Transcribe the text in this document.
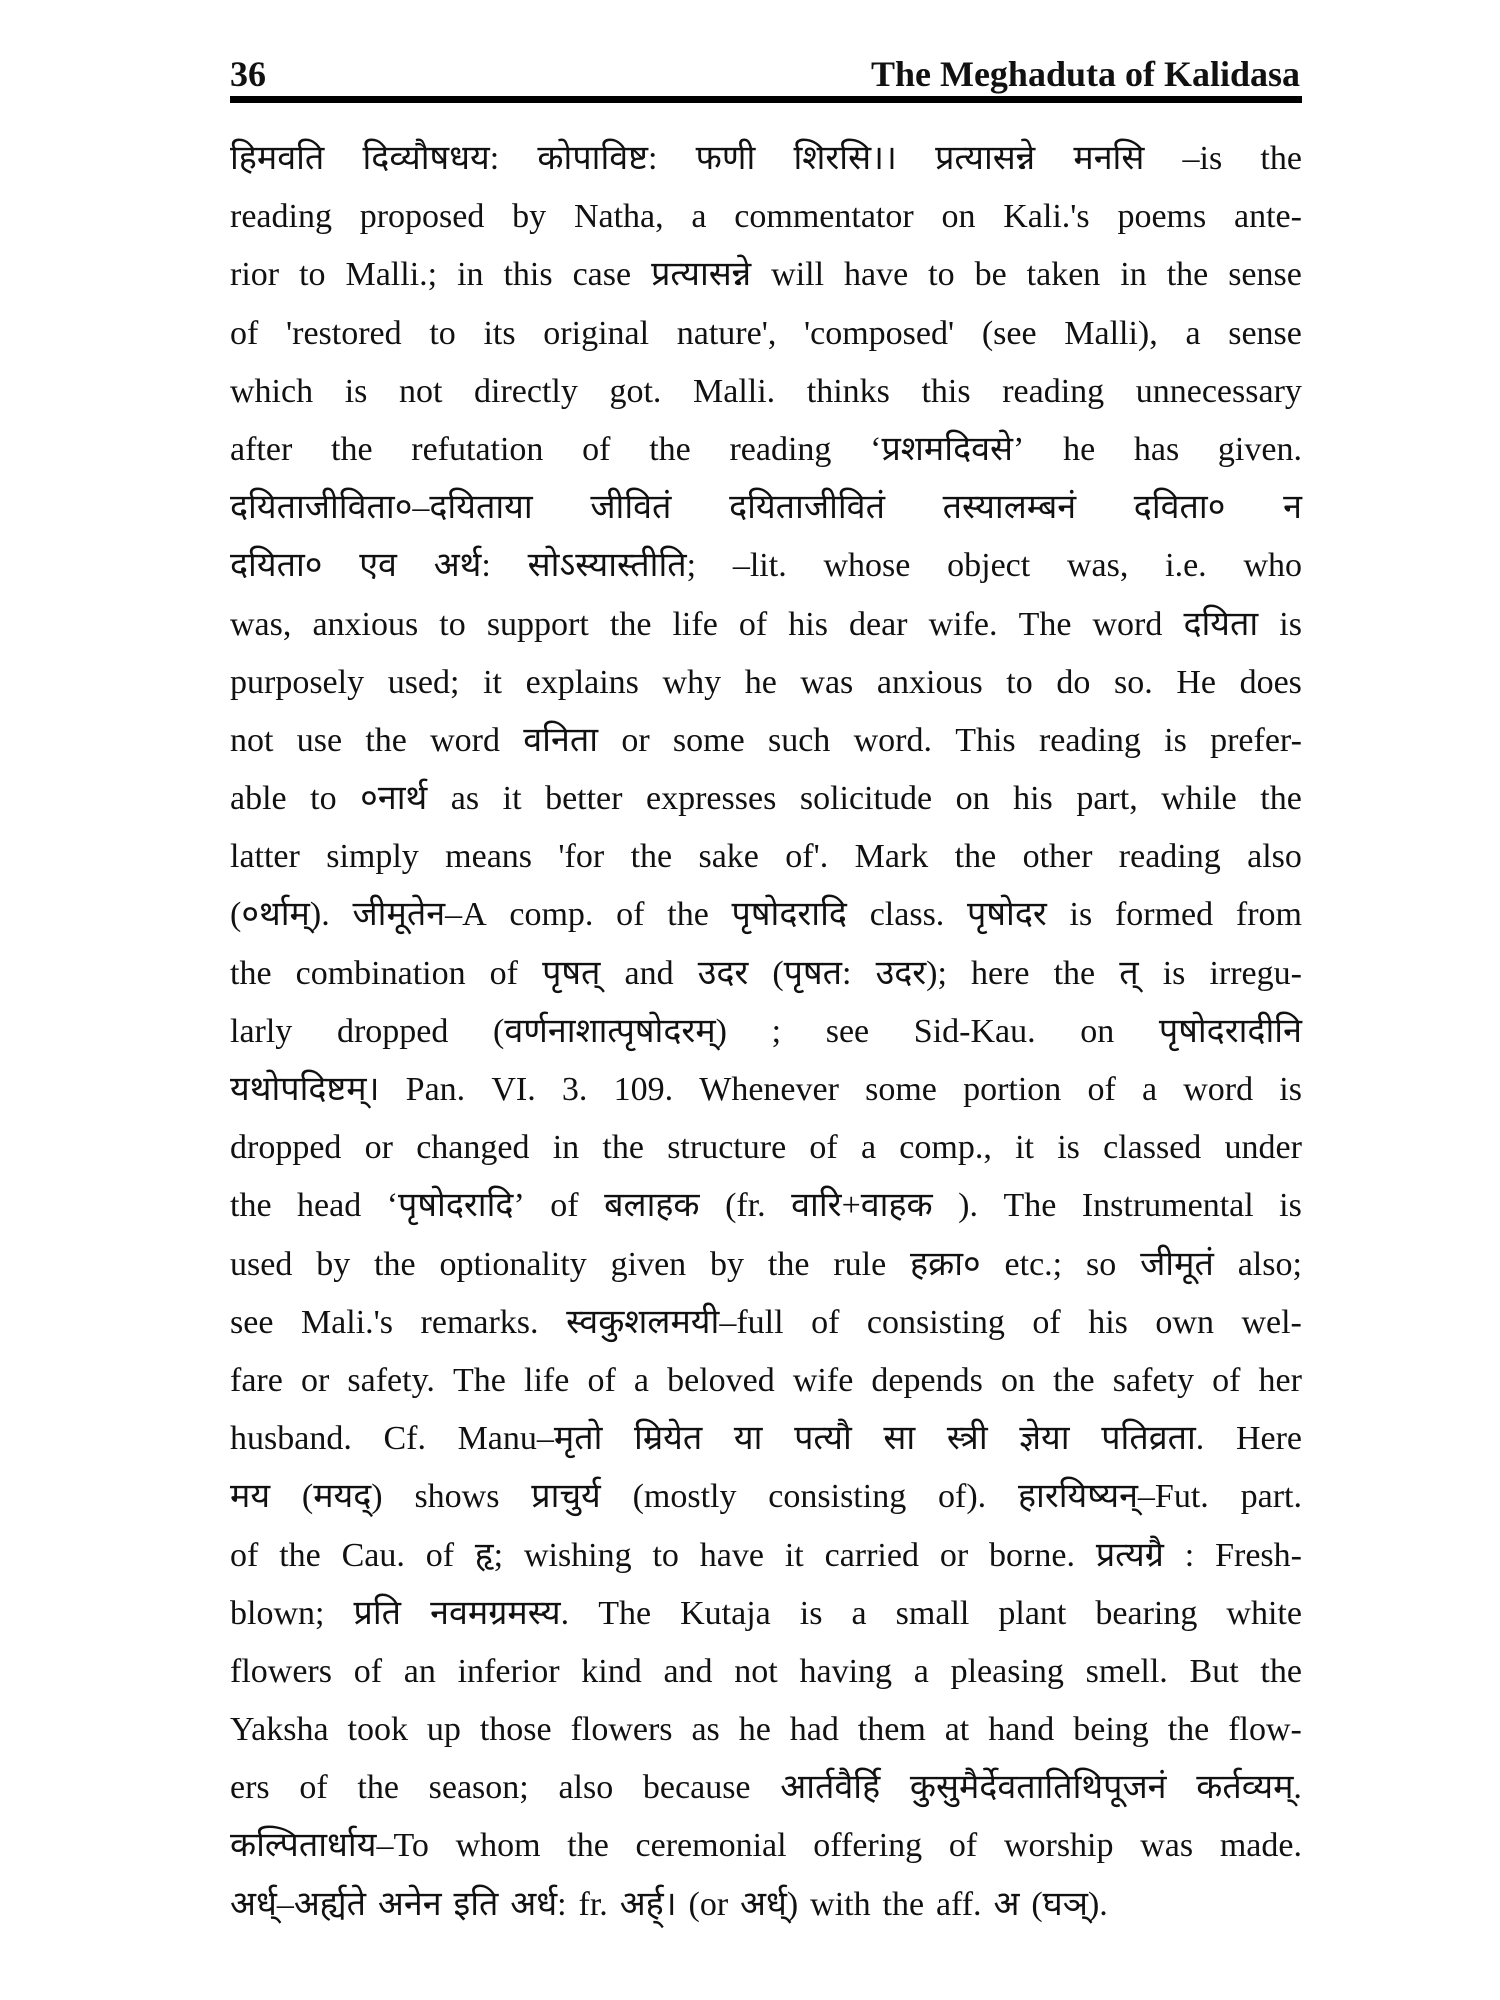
36	The Meghaduta of Kalidasa
हिमवति दिव्यौषधय: कोपाविष्ट: फणी शिरसि।। प्रत्यासन्ने मनसि –is the
reading proposed by Natha, a commentator on Kali.'s poems ante-
rior to Malli.; in this case प्रत्यासन्ने will have to be taken in the sense
of 'restored to its original nature', 'composed' (see Malli), a sense
which is not directly got. Malli. thinks this reading unnecessary
after the refutation of the reading ‘प्रशमदिवसे’ he has given.
दयिताजीविता०–दयिताया जीवितं दयिताजीवितं तस्यालम्बनं दविता० न
दयिता० एव अर्थ: सोऽस्यास्तीति; –lit. whose object was, i.e. who
was, anxious to support the life of his dear wife. The word दयिता is
purposely used; it explains why he was anxious to do so. He does
not use the word वनिता or some such word. This reading is prefer-
able to ०नार्थ as it better expresses solicitude on his part, while the
latter simply means 'for the sake of'. Mark the other reading also
(०र्थाम्). जीमूतेन–A comp. of the पृषोदरादि class. पृषोदर is formed from
the combination of पृषत् and उदर (पृषत: उदर); here the त् is irregu-
larly dropped (वर्णनाशात्पृषोदरम्) ; see Sid-Kau. on पृषोदरादीनि
यथोपदिष्टम्। Pan. VI. 3. 109. Whenever some portion of a word is
dropped or changed in the structure of a comp., it is classed under
the head ‘पृषोदरादि’ of बलाहक (fr. वारि+वाहक ). The Instrumental is
used by the optionality given by the rule हक्रा० etc.; so जीमूतं also;
see Mali.'s remarks. स्वकुशलमयी–full of consisting of his own wel-
fare or safety. The life of a beloved wife depends on the safety of her
husband. Cf. Manu–मृतो म्रियेत या पत्यौ सा स्त्री ज्ञेया पतिव्रता. Here
मय (मयद्) shows प्राचुर्य (mostly consisting of). हारयिष्यन्–Fut. part.
of the Cau. of हृ; wishing to have it carried or borne. प्रत्यग्रै : Fresh-
blown; प्रति नवमग्रमस्य. The Kutaja is a small plant bearing white
flowers of an inferior kind and not having a pleasing smell. But the
Yaksha took up those flowers as he had them at hand being the flow-
ers of the season; also because आर्तवैर्हि कुसुमैर्देवतातिथिपूजनं कर्तव्यम्.
कल्पितार्धाय–To whom the ceremonial offering of worship was made.
अर्ध्–अर्ह्यते अनेन इति अर्ध: fr. अर्ह्। (or अर्ध्) with the aff. अ (घञ्).
